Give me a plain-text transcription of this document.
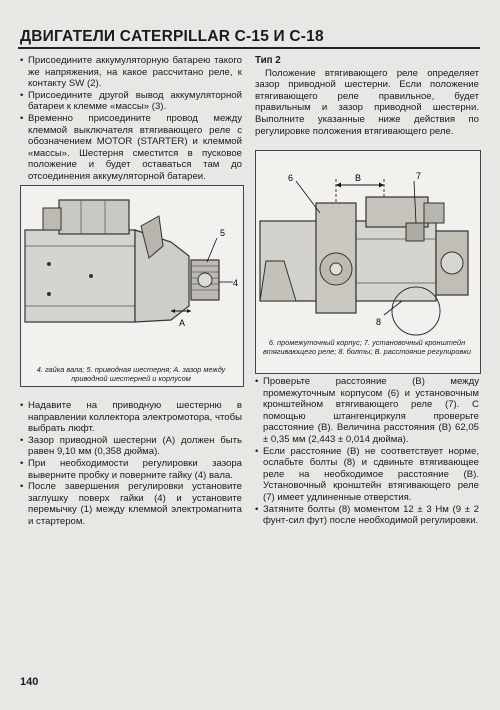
ДВИГАТЕЛИ CATERPILLAR C-15 И C-18
• Присоедините аккумуляторную батарею такого же напряжения, на какое рассчитано реле, к контакту SW (2).
• Присоедините другой вывод аккумуляторной батареи к клемме «массы» (3).
• Временно присоедините провод между клеммой выключателя втягивающего реле с обозначением MOTOR (STARTER) и клеммой «массы». Шестерня сместится в пусковое положение и будет оставаться там до отсоединения аккумуляторной батареи.
A
5
4
4. гайка вала; 5. приводная шестерня; A. зазор между приводной шестерней и корпусом
• Надавите на приводную шестерню в направлении коллектора электромотора, чтобы выбрать люфт.
• Зазор приводной шестерни (A) должен быть равен 9,10 мм (0,358 дюйма).
• При необходимости регулировки зазора выверните пробку и поверните гайку (4) вала.
• После завершения регулировки установите заглушку поверх гайки (4) и установите перемычку (1) между клеммой электромагнита и стартером.
Тип 2

Положение втягивающего реле определяет зазор приводной шестерни. Если положение втягивающего реле правильное, будет правильным и зазор приводной шестерни. Выполните указанные ниже действия по регулировке положения втягивающего реле.

6	B	7
8
6. промежуточный корпус; 7. установочный кронштейн втягивающего реле; 8. болты; B. расстояние регулировки
• Проверьте расстояние (B) между промежуточным корпусом (6) и установочным кронштейном втягивающего реле (7). С помощью штангенциркуля проверьте расстояние (B). Величина расстояния (B) 62,05 ± 0,35 мм (2,443 ± 0,014 дюйма).
• Если расстояние (B) не соответствует норме, ослабьте болты (8) и сдвиньте втягивающее реле на необходимое расстояние (B). Установочный кронштейн втягивающего реле (7) имеет удлиненные отверстия.
• Затяните болты (8) моментом 12 ± 3 Нм (9 ± 2 фунт-сил фут) после необходимой регулировки.
140
